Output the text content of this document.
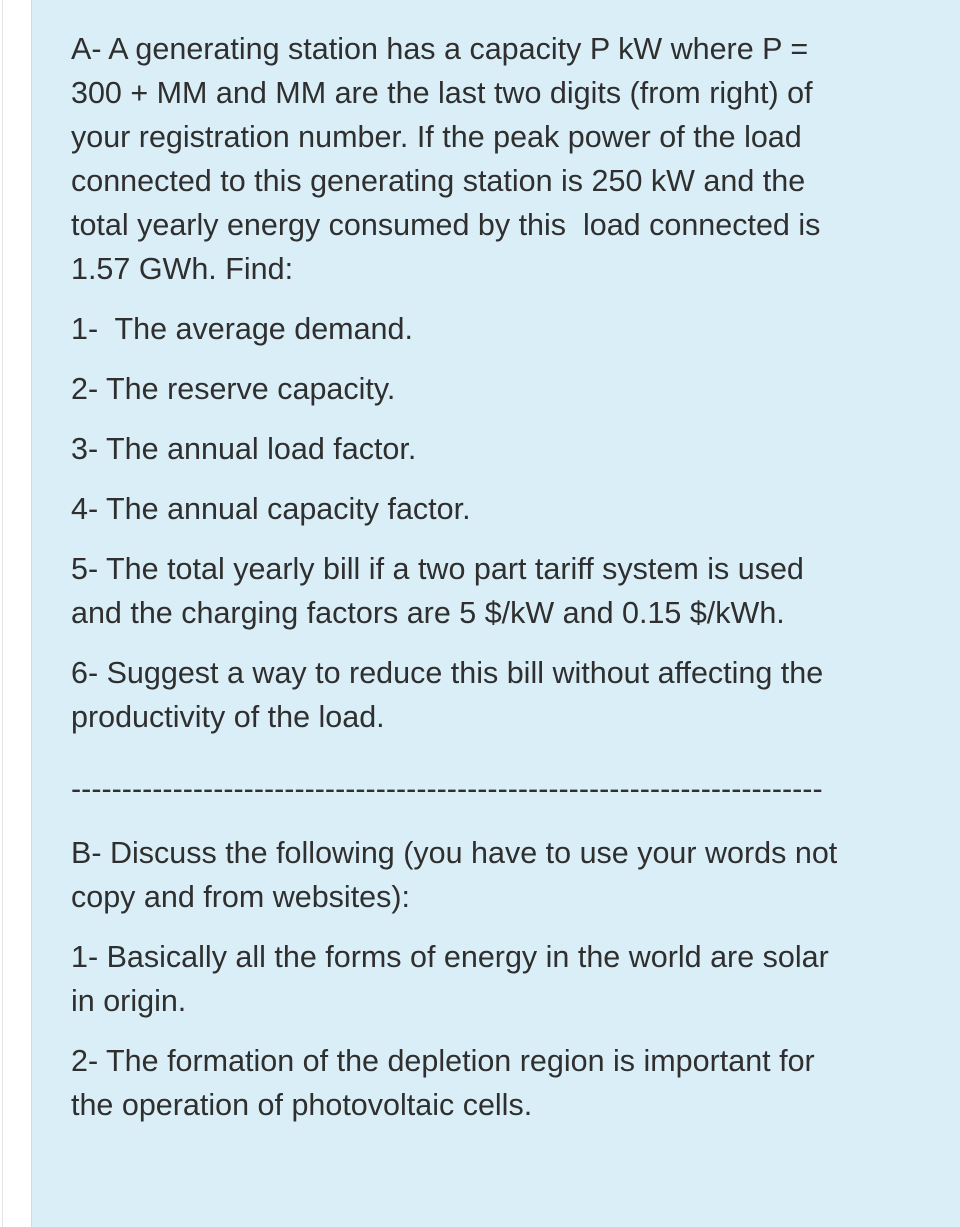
A- A generating station has a capacity P kW where P =

300 + MM and MM are the last two digits (from right) of

your registration number. If the peak power of the load

connected to this generating station is 250 kW and the

total yearly energy consumed by this  load connected is

1.57 GWh. Find:

1-  The average demand.

2- The reserve capacity.

3- The annual load factor.

4- The annual capacity factor.

5- The total yearly bill if a two part tariff system is used

and the charging factors are 5 $/kW and 0.15 $/kWh.

6- Suggest a way to reduce this bill without affecting the

productivity of the load.

--------------------------------------------------------------------------

B- Discuss the following (you have to use your words not

copy and from websites):

1- Basically all the forms of energy in the world are solar

in origin.

2- The formation of the depletion region is important for

the operation of photovoltaic cells.
